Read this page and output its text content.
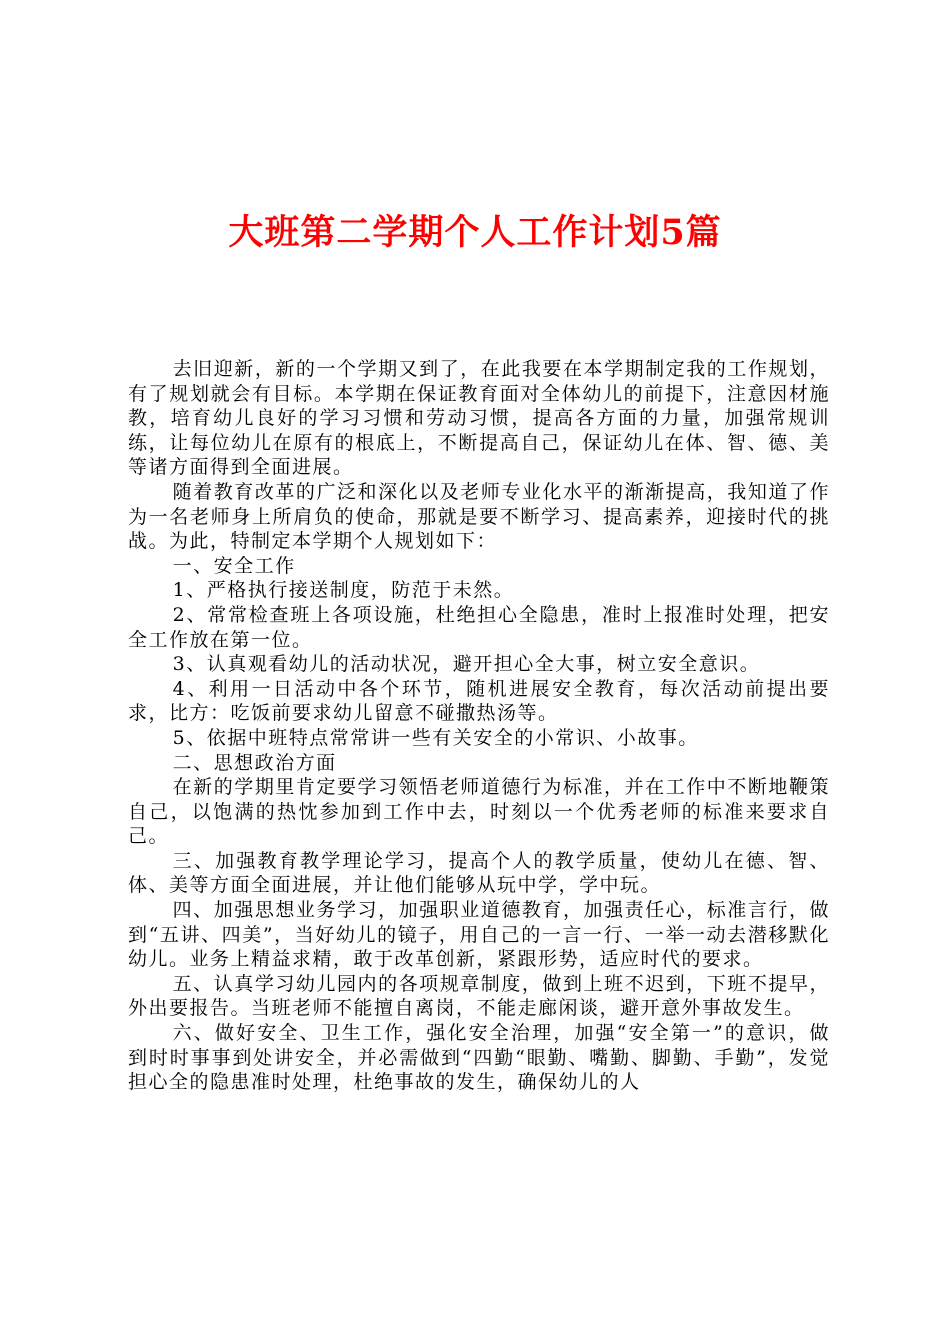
大班第二学期个人工作计划5篇

去旧迎新，新的一个学期又到了，在此我要在本学期制定我的工作规划，有了规划就会有目标。本学期在保证教育面对全体幼儿的前提下，注意因材施教，培育幼儿良好的学习习惯和劳动习惯，提高各方面的力量，加强常规训练，让每位幼儿在原有的根底上，不断提高自己，保证幼儿在体、智、德、美等诸方面得到全面进展。

随着教育改革的广泛和深化以及老师专业化水平的渐渐提高，我知道了作为一名老师身上所肩负的使命，那就是要不断学习、提高素养，迎接时代的挑战。为此，特制定本学期个人规划如下：

一、安全工作

1、严格执行接送制度，防范于未然。

2、常常检查班上各项设施，杜绝担心全隐患，准时上报准时处理，把安全工作放在第一位。

3、认真观看幼儿的活动状况，避开担心全大事，树立安全意识。

4、利用一日活动中各个环节，随机进展安全教育，每次活动前提出要求，比方：吃饭前要求幼儿留意不碰撒热汤等。

5、依据中班特点常常讲一些有关安全的小常识、小故事。

二、思想政治方面

在新的学期里肯定要学习领悟老师道德行为标准，并在工作中不断地鞭策自己，以饱满的热忱参加到工作中去，时刻以一个优秀老师的标准来要求自己。

三、加强教育教学理论学习，提高个人的教学质量，使幼儿在德、智、体、美等方面全面进展，并让他们能够从玩中学，学中玩。

四、加强思想业务学习，加强职业道德教育，加强责任心，标准言行，做到“五讲、四美”，当好幼儿的镜子，用自己的一言一行、一举一动去潜移默化幼儿。业务上精益求精，敢于改革创新，紧跟形势，适应时代的要求。

五、认真学习幼儿园内的各项规章制度，做到上班不迟到，下班不提早，外出要报告。当班老师不能擅自离岗，不能走廊闲谈，避开意外事故发生。

六、做好安全、卫生工作，强化安全治理，加强“安全第一”的意识，做到时时事事到处讲安全，并必需做到“四勤“眼勤、嘴勤、脚勤、手勤”，发觉担心全的隐患准时处理，杜绝事故的发生，确保幼儿的人
